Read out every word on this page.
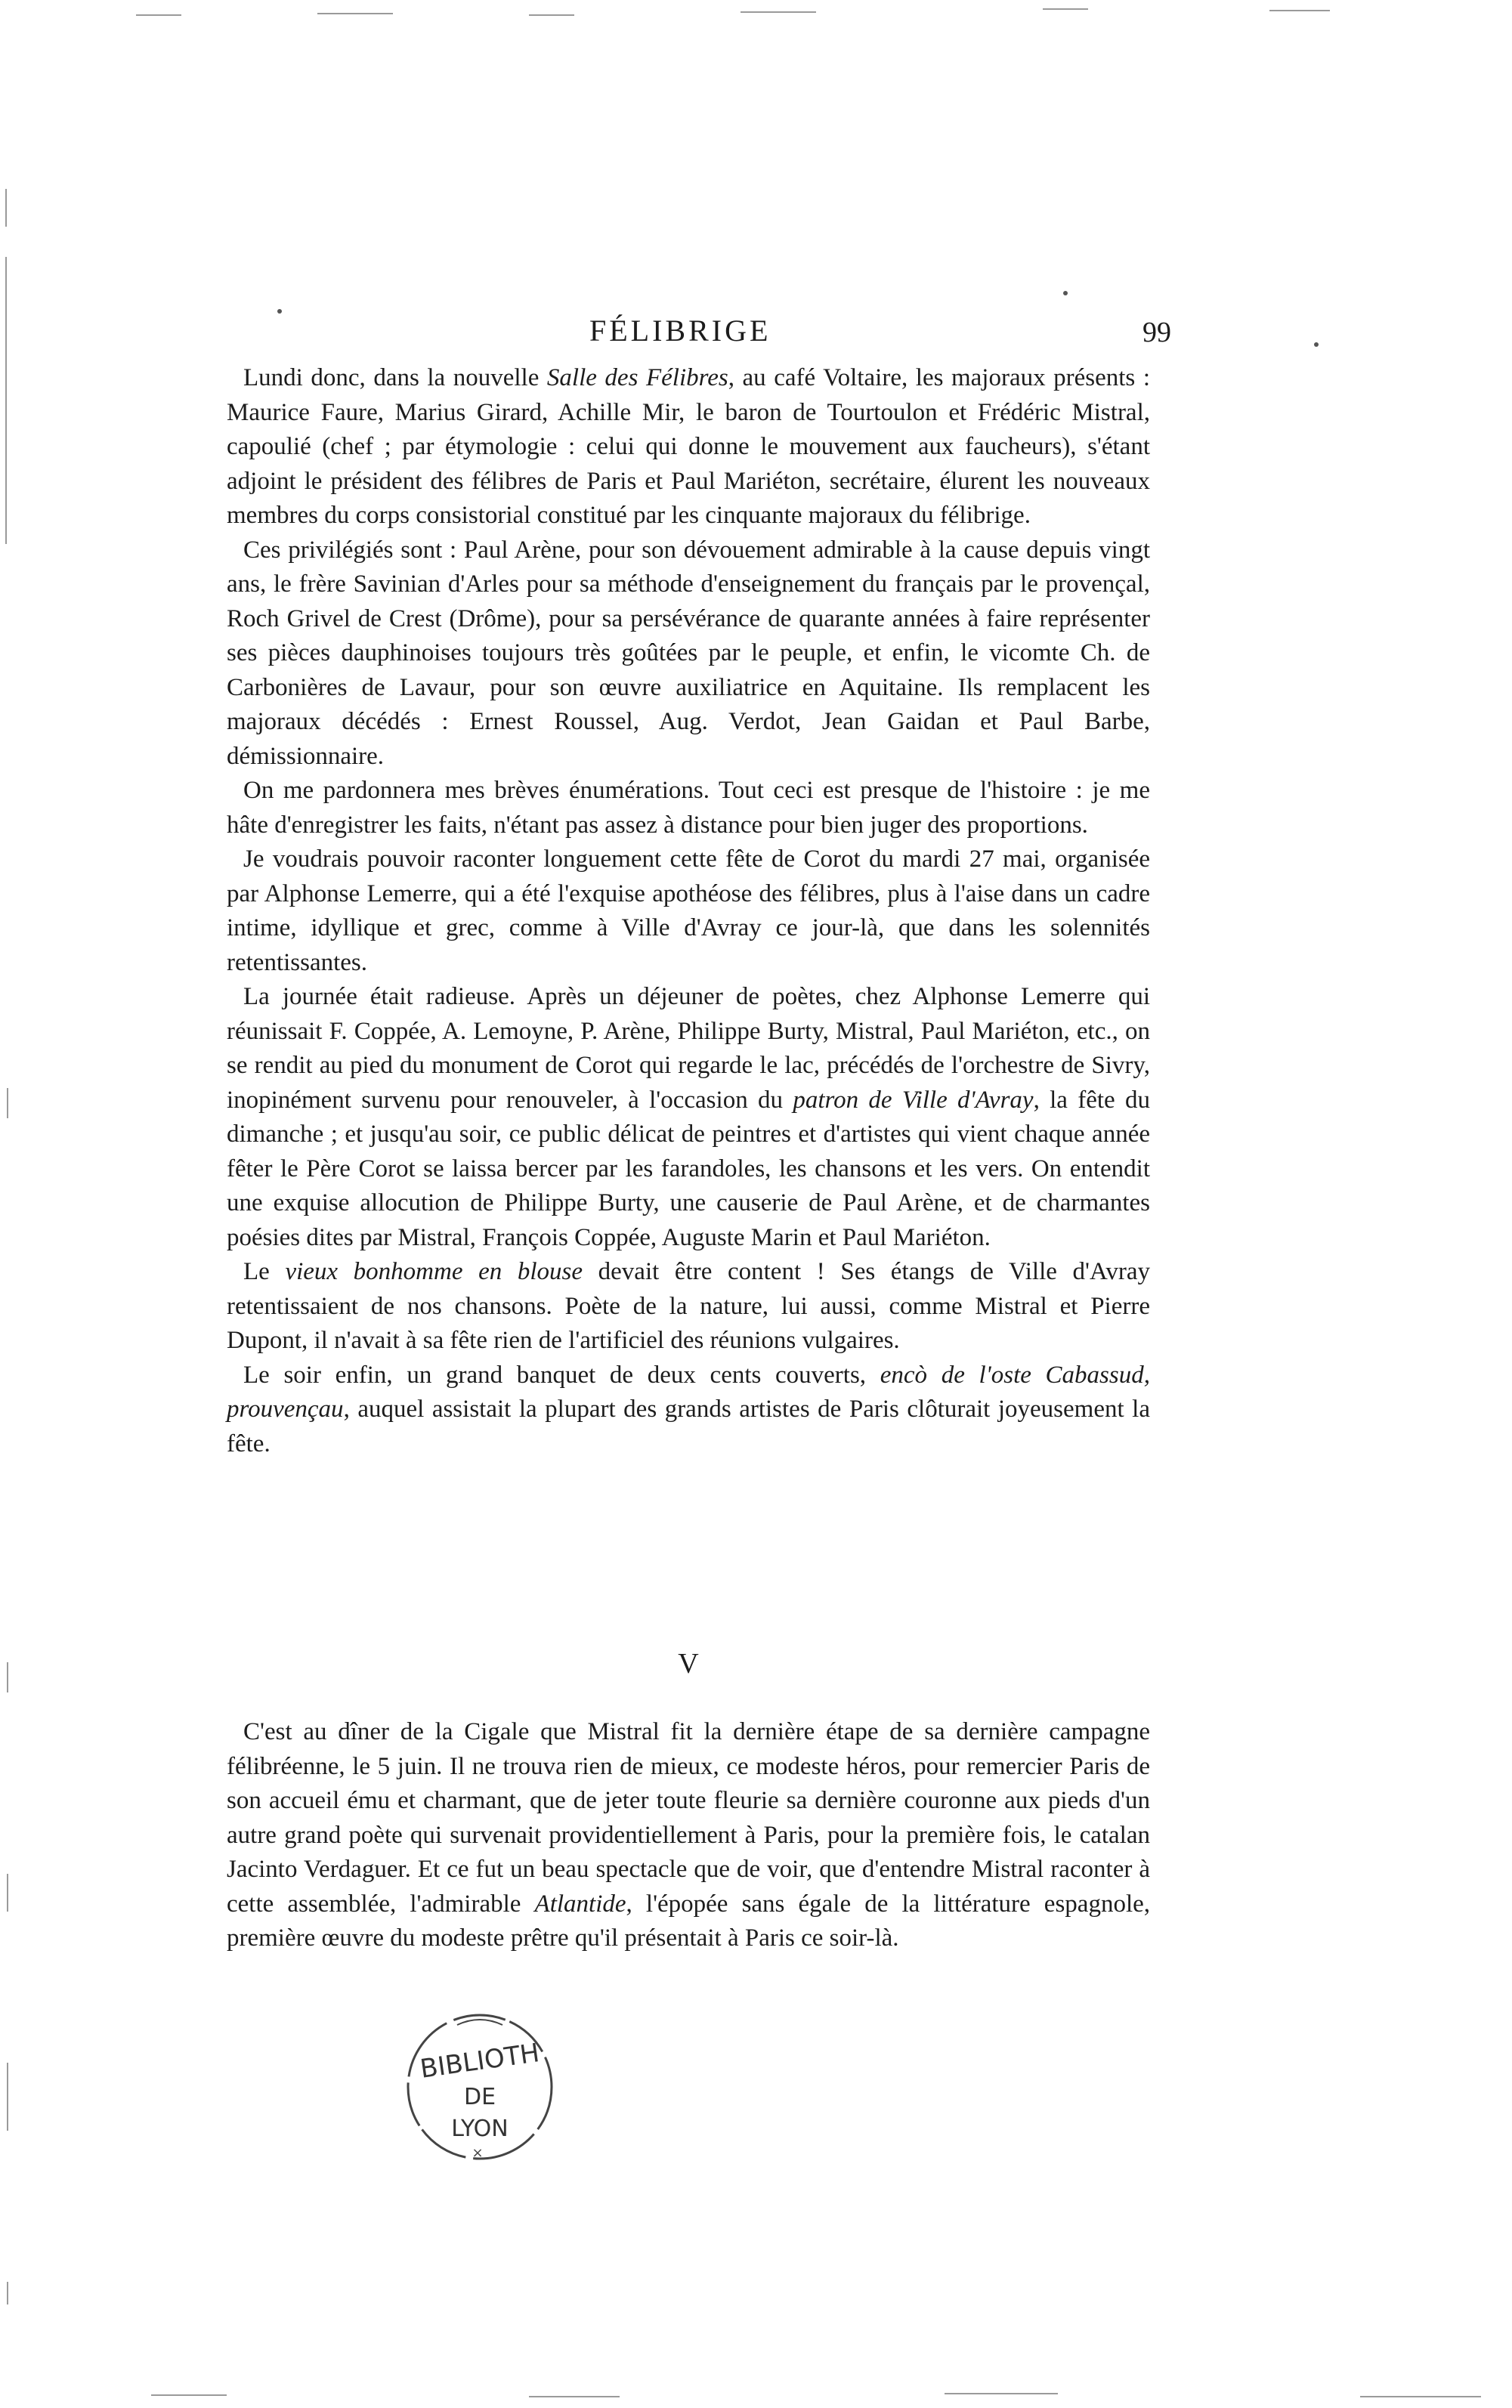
FÉLIBRIGE	99

Lundi donc, dans la nouvelle Salle des Félibres, au café Voltaire, les majoraux présents : Maurice Faure, Marius Girard, Achille Mir, le baron de Tourtoulon et Frédéric Mistral, capoulié (chef ; par étymologie : celui qui donne le mouvement aux faucheurs), s'étant adjoint le président des félibres de Paris et Paul Mariéton, secrétaire, élurent les nouveaux membres du corps consistorial constitué par les cinquante majoraux du félibrige.

Ces privilégiés sont : Paul Arène, pour son dévouement admirable à la cause depuis vingt ans, le frère Savinian d'Arles pour sa méthode d'enseignement du français par le provençal, Roch Grivel de Crest (Drôme), pour sa persévérance de quarante années à faire représenter ses pièces dauphinoises toujours très goûtées par le peuple, et enfin, le vicomte Ch. de Carbonières de Lavaur, pour son œuvre auxiliatrice en Aquitaine. Ils remplacent les majoraux décédés : Ernest Roussel, Aug. Verdot, Jean Gaidan et Paul Barbe, démissionnaire.

On me pardonnera mes brèves énumérations. Tout ceci est presque de l'histoire : je me hâte d'enregistrer les faits, n'étant pas assez à distance pour bien juger des proportions.

Je voudrais pouvoir raconter longuement cette fête de Corot du mardi 27 mai, organisée par Alphonse Lemerre, qui a été l'exquise apothéose des félibres, plus à l'aise dans un cadre intime, idyllique et grec, comme à Ville d'Avray ce jour-là, que dans les solennités retentissantes.

La journée était radieuse. Après un déjeuner de poètes, chez Alphonse Lemerre qui réunissait F. Coppée, A. Lemoyne, P. Arène, Philippe Burty, Mistral, Paul Mariéton, etc., on se rendit au pied du monument de Corot qui regarde le lac, précédés de l'orchestre de Sivry, inopinément survenu pour renouveler, à l'occasion du patron de Ville d'Avray, la fête du dimanche ; et jusqu'au soir, ce public délicat de peintres et d'artistes qui vient chaque année fêter le Père Corot se laissa bercer par les farandoles, les chansons et les vers. On entendit une exquise allocution de Philippe Burty, une causerie de Paul Arène, et de charmantes poésies dites par Mistral, François Coppée, Auguste Marin et Paul Mariéton.

Le vieux bonhomme en blouse devait être content ! Ses étangs de Ville d'Avray retentissaient de nos chansons. Poète de la nature, lui aussi, comme Mistral et Pierre Dupont, il n'avait à sa fête rien de l'artificiel des réunions vulgaires.

Le soir enfin, un grand banquet de deux cents couverts, encò de l'oste Cabassud, prouvençau, auquel assistait la plupart des grands artistes de Paris clôturait joyeusement la fête.

V

C'est au dîner de la Cigale que Mistral fit la dernière étape de sa dernière campagne félibréenne, le 5 juin. Il ne trouva rien de mieux, ce modeste héros, pour remercier Paris de son accueil ému et charmant, que de jeter toute fleurie sa dernière couronne aux pieds d'un autre grand poète qui survenait providentiellement à Paris, pour la première fois, le catalan Jacinto Verdaguer. Et ce fut un beau spectacle que de voir, que d'entendre Mistral raconter à cette assemblée, l'admirable Atlantide, l'épopée sans égale de la littérature espagnole, première œuvre du modeste prêtre qu'il présentait à Paris ce soir-là.

×
BIBLIOTH
DE
LYON
